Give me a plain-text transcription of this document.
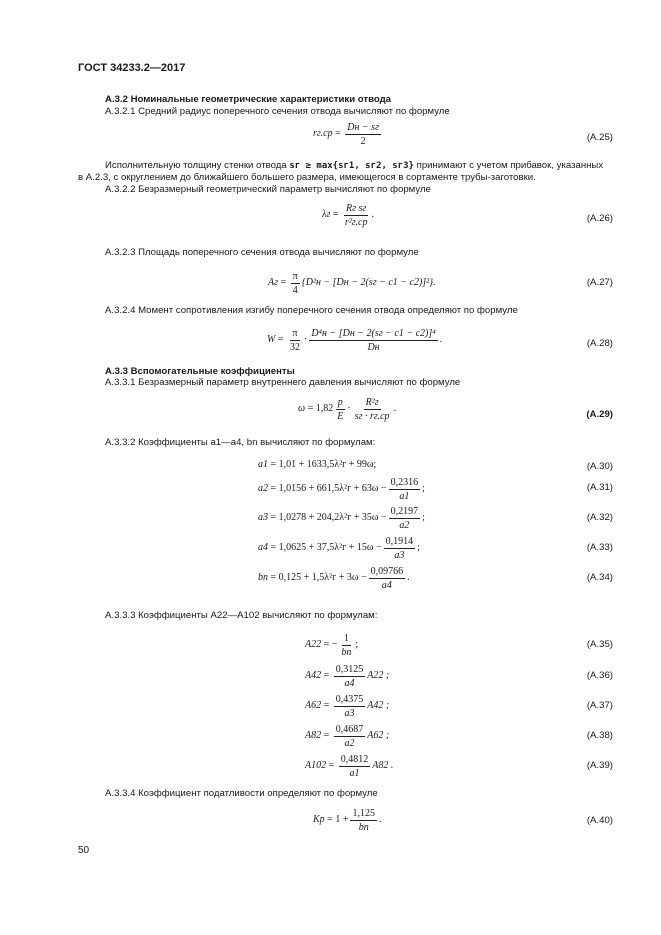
ГОСТ 34233.2—2017
А.3.2 Номинальные геометрические характеристики отвода
А.3.2.1 Средний радиус поперечного сечения отвода вычисляют по формуле
$rг.ср = \frac{Dн - sг}{2}$	(А.25)
Исполнительную толщину стенки отвода sг ≥ max{sг1, sг2, sг3} принимают с учетом прибавок, указанных
в А.2.3, с округлением до ближайшего большего размера, имеющегося в сортаменте трубы-заготовки.
А.3.2.2 Безразмерный геометрический параметр вычисляют по формуле
$\lambda г = \frac{\text{Rг sг}}{\text{r²г.ср}}$ .	(А.26)
А.3.2.3 Площадь поперечного сечения отвода вычисляют по формуле
Aг = $\frac{\pi}{4} \{D^2н - [Dн - 2(sг - c1 - c2)]^2\}$.	(А.27)
А.3.2.4 Момент сопротивления изгибу поперечного сечения отвода определяют по формуле
$W = \frac{\pi}{32} \cdot \frac{\text{D⁴н − [Dн − 2(sг − c1 − c2)]⁴}}{Dн}$ .	(А.28)
А.3.3 Вспомогательные коэффициенты
А.3.3.1 Безразмерный параметр внутреннего давления вычисляют по формуле
$\omega = 1,82 \frac{p}{E} \cdot \frac{\text{R²г}}{sг \cdot rг.ср}$ .
(А.29)
А.3.3.2 Коэффициенты a1—a4, bn вычисляют по формулам:
a1 = 1,01 + 1633,5λ²г + 99ω;	(А.30)
$a2 = 1,0156 + 661,5\lambda^2г + 63\omega - \frac{0,2316}{a1}$ ;	(А.31)
$a3 = 1,0278 + 204,2\lambda^2г + 35\omega - \frac{0,2197}{a2}$ ;	(А.32)
$a4 = 1,0625 + 37,5\lambda^2г + 15\omega - \frac{0,1914}{a3}$ ;	(А.33)
bn = $0,125 + 1,5\lambda^2г + 3\omega - \frac{0,09766}{a4}$ .	(А.34)
А.3.3.3 Коэффициенты A22—A102 вычисляют по формулам:
A22 = − $\frac{1}{bn}$ ;	(А.35)
$A42 = \frac{0,3125}{a4} A22$ ;	(А.36)
$A62 = \frac{0,4375}{a3} A42$ ;	(А.37)
$A82 = \frac{0,4687}{a2} A62$ ;	(А.38)
$A102 = \frac{0,4812}{a1} A82$ .	(А.39)
А.3.3.4 Коэффициент податливости определяют по формуле
$Kp = 1 + \frac{1,125}{bn}$ .	(А.40)
50
